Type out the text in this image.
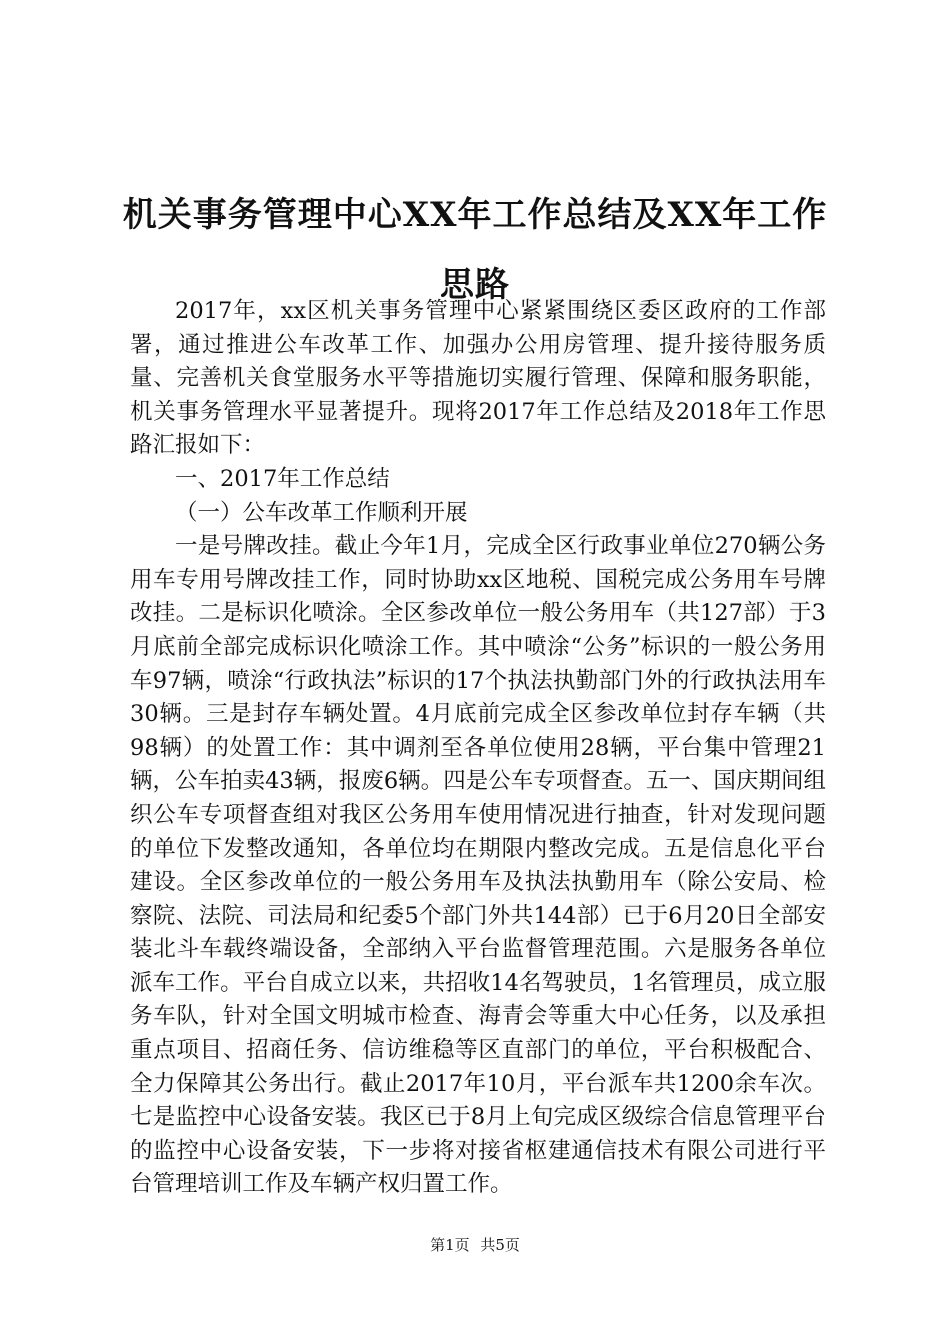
机关事务管理中心XX年工作总结及XX年工作
思路

2017年，xx区机关事务管理中心紧紧围绕区委区政府的工作部署，通过推进公车改革工作、加强办公用房管理、提升接待服务质量、完善机关食堂服务水平等措施切实履行管理、保障和服务职能，机关事务管理水平显著提升。现将2017年工作总结及2018年工作思路汇报如下：

一、2017年工作总结

（一）公车改革工作顺利开展

一是号牌改挂。截止今年1月，完成全区行政事业单位270辆公务用车专用号牌改挂工作，同时协助xx区地税、国税完成公务用车号牌改挂。二是标识化喷涂。全区参改单位一般公务用车（共127部）于3月底前全部完成标识化喷涂工作。其中喷涂“公务”标识的一般公务用车97辆，喷涂“行政执法”标识的17个执法执勤部门外的行政执法用车30辆。三是封存车辆处置。4月底前完成全区参改单位封存车辆（共98辆）的处置工作：其中调剂至各单位使用28辆，平台集中管理21辆，公车拍卖43辆，报废6辆。四是公车专项督查。五一、国庆期间组织公车专项督查组对我区公务用车使用情况进行抽查，针对发现问题的单位下发整改通知，各单位均在期限内整改完成。五是信息化平台建设。全区参改单位的一般公务用车及执法执勤用车（除公安局、检察院、法院、司法局和纪委5个部门外共144部）已于6月20日全部安装北斗车载终端设备，全部纳入平台监督管理范围。六是服务各单位派车工作。平台自成立以来，共招收14名驾驶员，1名管理员，成立服务车队，针对全国文明城市检查、海青会等重大中心任务，以及承担重点项目、招商任务、信访维稳等区直部门的单位，平台积极配合、全力保障其公务出行。截止2017年10月，平台派车共1200余车次。七是监控中心设备安装。我区已于8月上旬完成区级综合信息管理平台的监控中心设备安装，下一步将对接省枢建通信技术有限公司进行平台管理培训工作及车辆产权归置工作。

第1页 共5页
